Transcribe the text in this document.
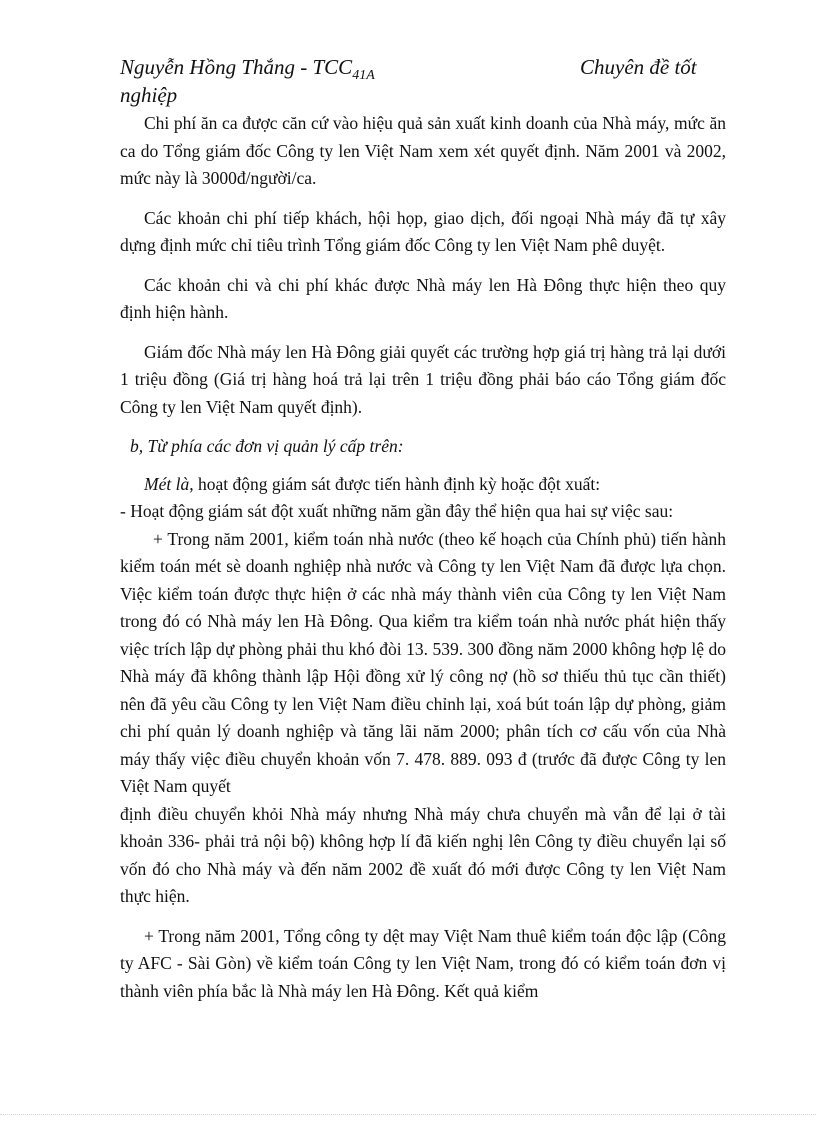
Nguyễn Hồng Thắng - $TCC_{41A}$	Chuyên đề tốt
nghiệp

Chi phí ăn ca được căn cứ vào hiệu quả sản xuất kinh doanh của Nhà máy, mức ăn ca do Tổng giám đốc Công ty len Việt Nam xem xét quyết định. Năm 2001 và 2002, mức này là 3000đ/người/ca.

Các khoản chi phí tiếp khách, hội họp, giao dịch, đối ngoại Nhà máy đã tự xây dựng định mức chỉ tiêu trình Tổng giám đốc Công ty len Việt Nam phê duyệt.

Các khoản chi và chi phí khác được Nhà máy len Hà Đông thực hiện theo quy định hiện hành.

Giám đốc Nhà máy len Hà Đông giải quyết các trường hợp giá trị hàng trả lại dưới 1 triệu đồng (Giá trị hàng hoá trả lại trên 1 triệu đồng phải báo cáo Tổng giám đốc Công ty len Việt Nam quyết định).

b, Từ phía các đơn vị quản lý cấp trên:

Mét là, hoạt động giám sát được tiến hành định kỳ hoặc đột xuất:

- Hoạt động giám sát đột xuất những năm gần đây thể hiện qua hai sự việc sau:

+ Trong năm 2001, kiểm toán nhà nước (theo kế hoạch của Chính phủ) tiến hành kiểm toán mét sè doanh nghiệp nhà nước và Công ty len Việt Nam đã được lựa chọn. Việc kiểm toán được thực hiện ở các nhà máy thành viên của Công ty len Việt Nam trong đó có Nhà máy len Hà Đông. Qua kiểm tra kiểm toán nhà nước phát hiện thấy việc trích lập dự phòng phải thu khó đòi 13. 539. 300 đồng năm 2000 không hợp lệ do Nhà máy đã không thành lập Hội đồng xử lý công nợ (hồ sơ thiếu thủ tục cần thiết) nên đã yêu cầu Công ty len Việt Nam điều chỉnh lại, xoá bút toán lập dự phòng, giảm chi phí quản lý doanh nghiệp và tăng lãi năm 2000; phân tích cơ cấu vốn của Nhà máy thấy việc điều chuyển khoản vốn 7. 478. 889. 093 đ (trước đã được Công ty len Việt Nam quyết

định điều chuyển khỏi Nhà máy nhưng Nhà máy chưa chuyển mà vẫn để lại ở tài khoản 336- phải trả nội bộ) không hợp lí đã kiến nghị lên Công ty điều chuyển lại số vốn đó cho Nhà máy và đến năm 2002 đề xuất đó mới được Công ty len Việt Nam thực hiện.

+ Trong năm 2001, Tổng công ty dệt may Việt Nam thuê kiểm toán độc lập (Công ty AFC - Sài Gòn) về kiểm toán Công ty len Việt Nam, trong đó có kiểm toán đơn vị thành viên phía bắc là Nhà máy len Hà Đông. Kết quả kiểm
